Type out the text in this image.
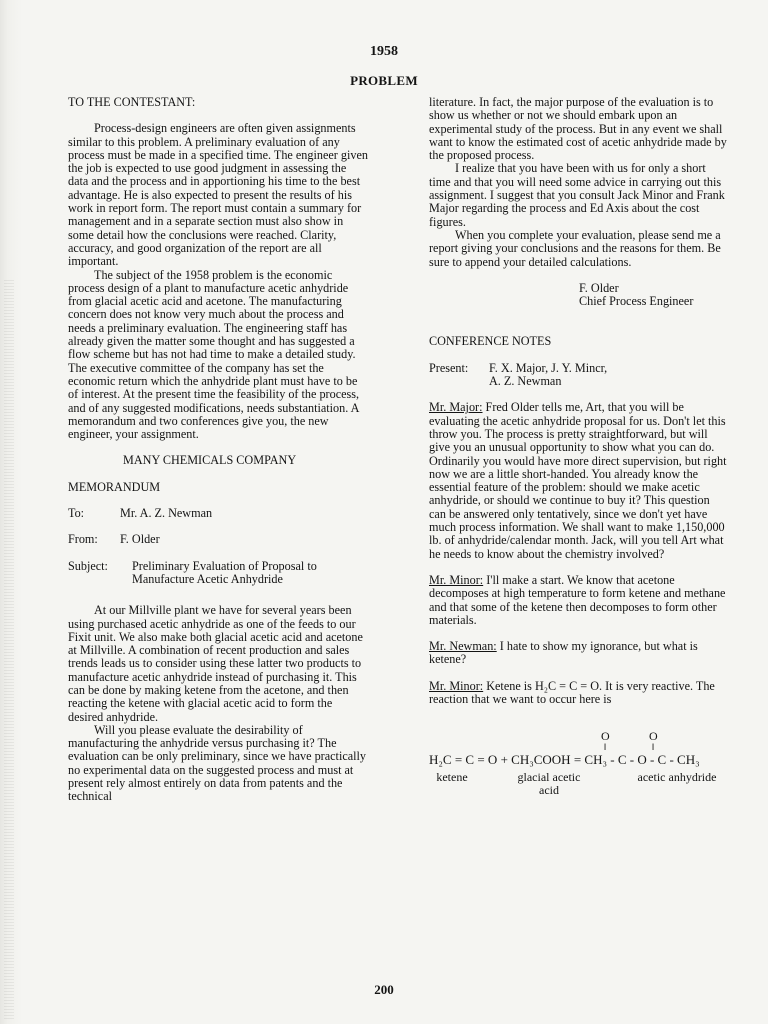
1958
PROBLEM

TO THE CONTESTANT:

Process-design engineers are often given assignments similar to this problem. A preliminary evaluation of any process must be made in a specified time. The engineer given the job is expected to use good judgment in assessing the data and the process and in apportioning his time to the best advantage. He is also expected to present the results of his work in report form. The report must contain a summary for management and in a separate section must also show in some detail how the conclusions were reached. Clarity, accuracy, and good organization of the report are all important.

The subject of the 1958 problem is the economic process design of a plant to manufacture acetic anhydride from glacial acetic acid and acetone. The manufacturing concern does not know very much about the process and needs a preliminary evaluation. The engineering staff has already given the matter some thought and has suggested a flow scheme but has not had time to make a detailed study. The executive committee of the company has set the economic return which the anhydride plant must have to be of interest. At the present time the feasibility of the process, and of any suggested modifications, needs substantiation. A memorandum and two conferences give you, the new engineer, your assignment.

MANY CHEMICALS COMPANY

MEMORANDUM

To:	Mr. A. Z. Newman
From:	F. Older
Subject:	Preliminary Evaluation of Proposal to Manufacture Acetic Anhydride

At our Millville plant we have for several years been using purchased acetic anhydride as one of the feeds to our Fixit unit. We also make both glacial acetic acid and acetone at Millville. A combination of recent production and sales trends leads us to consider using these latter two products to manufacture acetic anhydride instead of purchasing it. This can be done by making ketene from the acetone, and then reacting the ketene with glacial acetic acid to form the desired anhydride.

Will you please evaluate the desirability of manufacturing the anhydride versus purchasing it? The evaluation can be only preliminary, since we have practically no experimental data on the suggested process and must at present rely almost entirely on data from patents and the technical

literature. In fact, the major purpose of the evaluation is to show us whether or not we should embark upon an experimental study of the process. But in any event we shall want to know the estimated cost of acetic anhydride made by the proposed process.

I realize that you have been with us for only a short time and that you will need some advice in carrying out this assignment. I suggest that you consult Jack Minor and Frank Major regarding the process and Ed Axis about the cost figures.

When you complete your evaluation, please send me a report giving your conclusions and the reasons for them. Be sure to append your detailed calculations.

F. Older

Chief Process Engineer

CONFERENCE NOTES

Present:	F. X. Major, J. Y. Mincr,

A. Z. Newman

Mr. Major: Fred Older tells me, Art, that you will be evaluating the acetic anhydride proposal for us. Don't let this throw you. The process is pretty straightforward, but will give you an unusual opportunity to show what you can do. Ordinarily you would have more direct supervision, but right now we are a little short-handed. You already know the essential feature of the problem: should we make acetic anhydride, or should we continue to buy it? This question can be answered only tentatively, since we don't yet have much process information. We shall want to make 1,150,000 lb. of anhydride/calendar month. Jack, will you tell Art what he needs to know about the chemistry involved?

Mr. Minor: I'll make a start. We know that acetone decomposes at high temperature to form ketene and methane and that some of the ketene then decomposes to form other materials.

Mr. Newman: I hate to show my ignorance, but what is ketene?

Mr. Minor: Ketene is H₂C = C = O. It is very reactive. The reaction that we want to occur here is

O	O
‖	‖
H₂C = C = O + CH₃COOH = CH₃ - C - O - C - CH₃
ketene	glacial acetic acid
acetic anhydride
200
